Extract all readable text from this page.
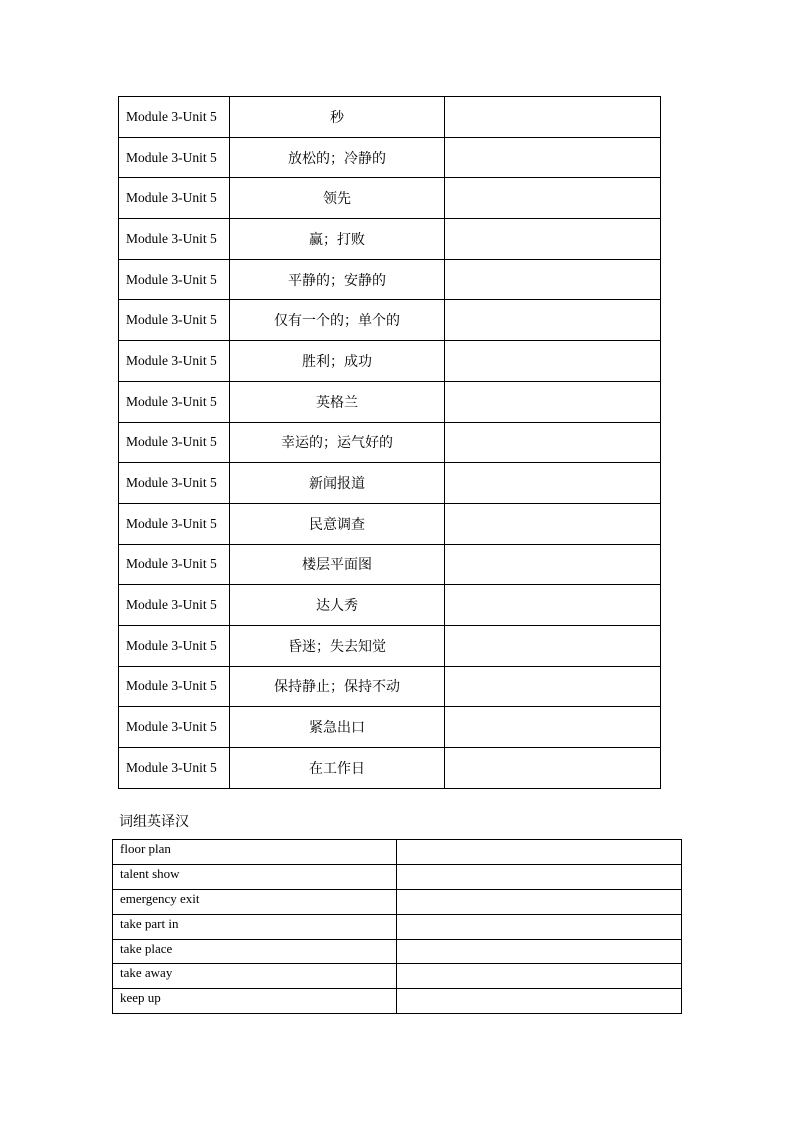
Module 3-Unit 5	秒	
Module 3-Unit 5	放松的；冷静的	
Module 3-Unit 5	领先	
Module 3-Unit 5	赢；打败	
Module 3-Unit 5	平静的；安静的	
Module 3-Unit 5	仅有一个的；单个的	
Module 3-Unit 5	胜利；成功	
Module 3-Unit 5	英格兰	
Module 3-Unit 5	幸运的；运气好的	
Module 3-Unit 5	新闻报道	
Module 3-Unit 5	民意调查	
Module 3-Unit 5	楼层平面图	
Module 3-Unit 5	达人秀	
Module 3-Unit 5	昏迷；失去知觉	
Module 3-Unit 5	保持静止；保持不动	
Module 3-Unit 5	紧急出口	
Module 3-Unit 5	在工作日	
词组英译汉
floor plan	
talent show	
emergency exit	
take part in	
take place	
take away	
keep up	
